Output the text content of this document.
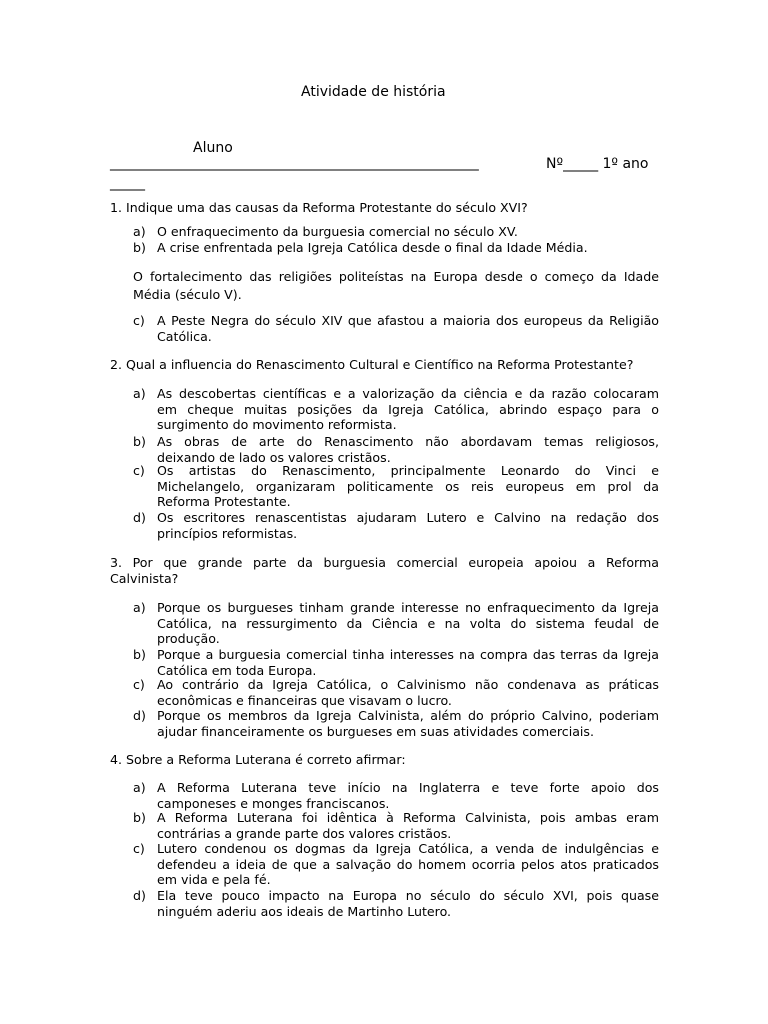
Atividade de história
Aluno
_______________________________________________________	Nº_____ 1º ano
_____
1. Indique uma das causas da Reforma Protestante do século XVI?
a) O enfraquecimento da burguesia comercial no século XV.
b) A crise enfrentada pela Igreja Católica desde o final da Idade Média.
O fortalecimento das religiões politeístas na Europa desde o começo da Idade
Média (século V).
c) A Peste Negra do século XIV que afastou a maioria dos europeus da Religião
Católica.
2. Qual a influencia do Renascimento Cultural e Científico na Reforma Protestante?
a) As descobertas científicas e a valorização da ciência e da razão colocaram
em cheque muitas posições da Igreja Católica, abrindo espaço para o
surgimento do movimento reformista.
b) As obras de arte do Renascimento não abordavam temas religiosos,
deixando de lado os valores cristãos.
c) Os artistas do Renascimento, principalmente Leonardo do Vinci e
Michelangelo, organizaram politicamente os reis europeus em prol da
Reforma Protestante.
d) Os escritores renascentistas ajudaram Lutero e Calvino na redação dos
princípios reformistas.
3. Por que grande parte da burguesia comercial europeia apoiou a Reforma
Calvinista?
a) Porque os burgueses tinham grande interesse no enfraquecimento da Igreja
Católica, na ressurgimento da Ciência e na volta do sistema feudal de
produção.
b) Porque a burguesia comercial tinha interesses na compra das terras da Igreja
Católica em toda Europa.
c) Ao contrário da Igreja Católica, o Calvinismo não condenava as práticas
econômicas e financeiras que visavam o lucro.
d) Porque os membros da Igreja Calvinista, além do próprio Calvino, poderiam
ajudar financeiramente os burgueses em suas atividades comerciais.
4. Sobre a Reforma Luterana é correto afirmar:
a) A Reforma Luterana teve início na Inglaterra e teve forte apoio dos
camponeses e monges franciscanos.
b) A Reforma Luterana foi idêntica à Reforma Calvinista, pois ambas eram
contrárias a grande parte dos valores cristãos.
c) Lutero condenou os dogmas da Igreja Católica, a venda de indulgências e
defendeu a ideia de que a salvação do homem ocorria pelos atos praticados
em vida e pela fé.
d) Ela teve pouco impacto na Europa no século do século XVI, pois quase
ninguém aderiu aos ideais de Martinho Lutero.
